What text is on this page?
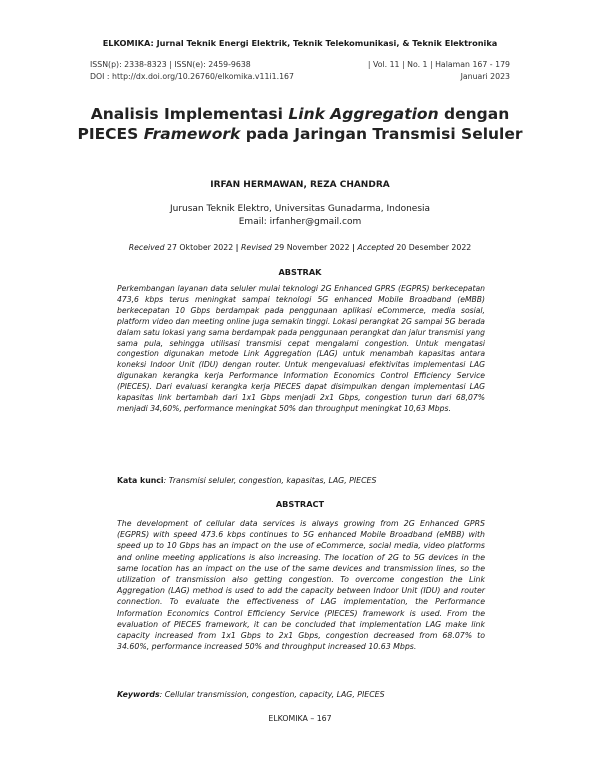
ELKOMIKA: Jurnal Teknik Energi Elektrik, Teknik Telekomunikasi, & Teknik Elektronika
ISSN(p): 2338-8323 | ISSN(e): 2459-9638	| Vol. 11 | No. 1 | Halaman 167 - 179
DOI : http://dx.doi.org/10.26760/elkomika.v11i1.167	Januari 2023
Analisis Implementasi Link Aggregation dengan PIECES Framework pada Jaringan Transmisi Seluler
IRFAN HERMAWAN, REZA CHANDRA
Jurusan Teknik Elektro, Universitas Gunadarma, Indonesia
Email: irfanher@gmail.com
Received 27 Oktober 2022 | Revised 29 November 2022 | Accepted 20 Desember 2022
ABSTRAK
Perkembangan layanan data seluler mulai teknologi 2G Enhanced GPRS (EGPRS) berkecepatan 473,6 kbps terus meningkat sampai teknologi 5G enhanced Mobile Broadband (eMBB) berkecepatan 10 Gbps berdampak pada penggunaan aplikasi eCommerce, media sosial, platform video dan meeting online juga semakin tinggi. Lokasi perangkat 2G sampai 5G berada dalam satu lokasi yang sama berdampak pada penggunaan perangkat dan jalur transmisi yang sama pula, sehingga utilisasi transmisi cepat mengalami congestion. Untuk mengatasi congestion digunakan metode Link Aggregation (LAG) untuk menambah kapasitas antara koneksi Indoor Unit (IDU) dengan router. Untuk mengevaluasi efektivitas implementasi LAG digunakan kerangka kerja Performance Information Economics Control Efficiency Service (PIECES). Dari evaluasi kerangka kerja PIECES dapat disimpulkan dengan implementasi LAG kapasitas link bertambah dari 1x1 Gbps menjadi 2x1 Gbps, congestion turun dari 68,07% menjadi 34,60%, performance meningkat 50% dan throughput meningkat 10,63 Mbps.
Kata kunci: Transmisi seluler, congestion, kapasitas, LAG, PIECES
ABSTRACT
The development of cellular data services is always growing from 2G Enhanced GPRS (EGPRS) with speed 473.6 kbps continues to 5G enhanced Mobile Broadband (eMBB) with speed up to 10 Gbps has an impact on the use of eCommerce, social media, video platforms and online meeting applications is also increasing. The location of 2G to 5G devices in the same location has an impact on the use of the same devices and transmission lines, so the utilization of transmission also getting congestion. To overcome congestion the Link Aggregation (LAG) method is used to add the capacity between Indoor Unit (IDU) and router connection. To evaluate the effectiveness of LAG implementation, the Performance Information Economics Control Efficiency Service (PIECES) framework is used. From the evaluation of PIECES framework, it can be concluded that implementation LAG make link capacity increased from 1x1 Gbps to 2x1 Gbps, congestion decreased from 68.07% to 34.60%, performance increased 50% and throughput increased 10.63 Mbps.
Keywords: Cellular transmission, congestion, capacity, LAG, PIECES
ELKOMIKA – 167
